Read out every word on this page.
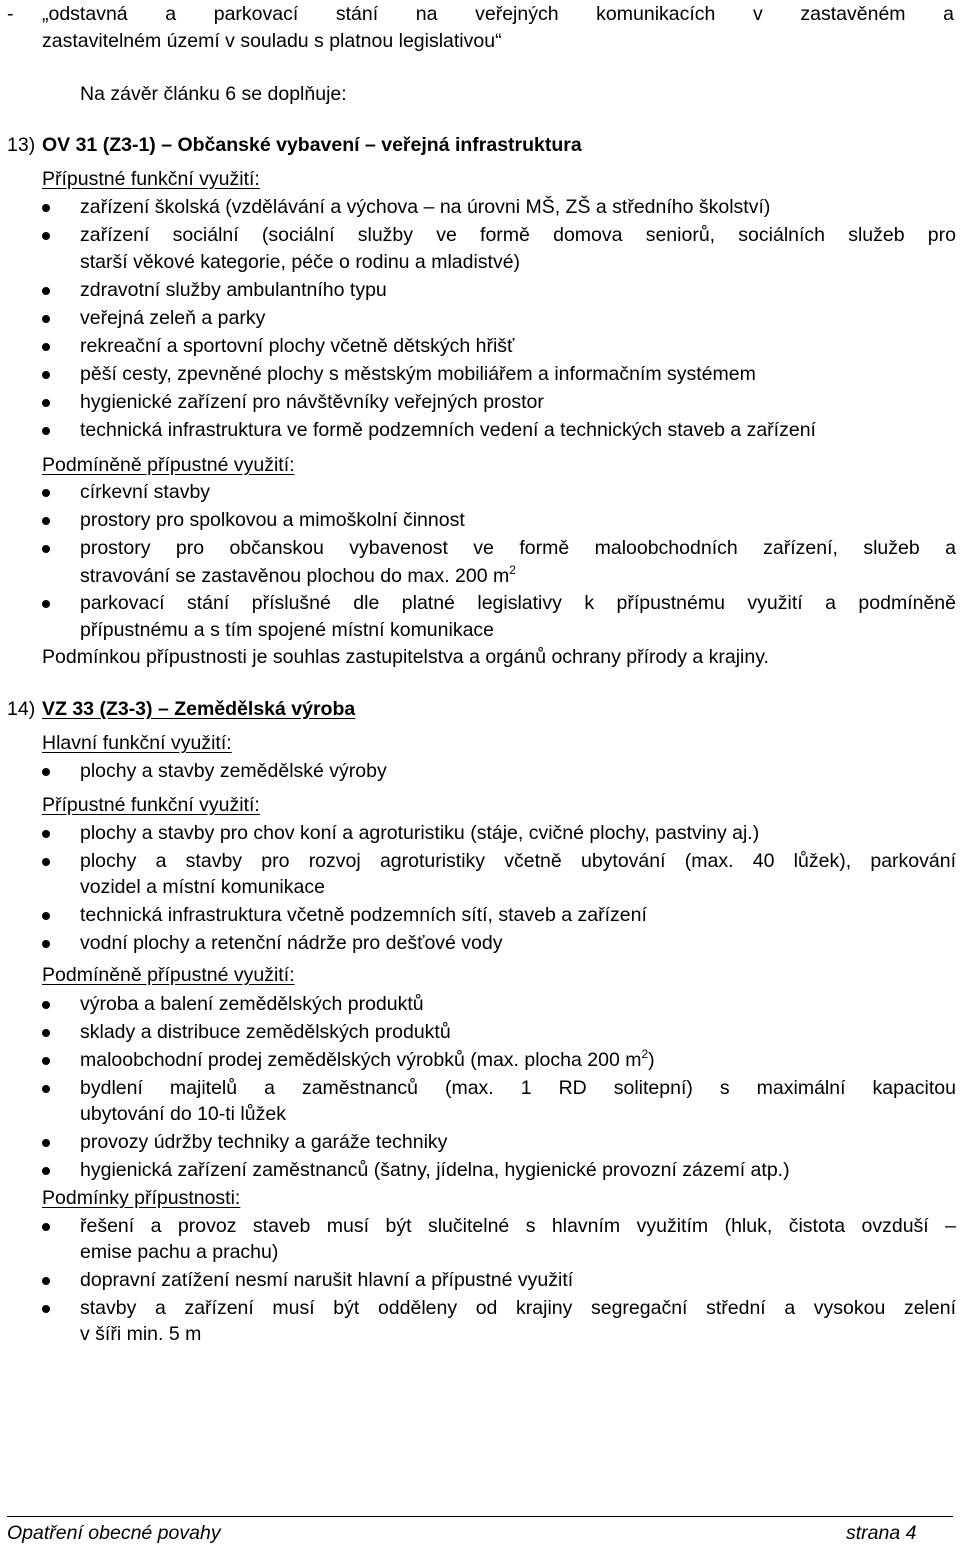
- „odstavná a parkovací stání na veřejných komunikacích v zastavěném a
zastavitelném území v souladu s platnou legislativou“
Na závěr článku 6 se doplňuje:
13) OV 31 (Z3-1) – Občanské vybavení – veřejná infrastruktura
Přípustné funkční využití:
zařízení školská (vzdělávání a výchova – na úrovni MŠ, ZŠ a středního školství)
zařízení sociální (sociální služby ve formě domova seniorů, sociálních služeb pro
starší věkové kategorie, péče o rodinu a mladistvé)
zdravotní služby ambulantního typu
veřejná zeleň a parky
rekreační a sportovní plochy včetně dětských hřišť
pěší cesty, zpevněné plochy s městským mobiliářem a informačním systémem
hygienické zařízení pro návštěvníky veřejných prostor
technická infrastruktura ve formě podzemních vedení a technických staveb a zařízení
Podmíněně přípustné využití:
církevní stavby
prostory pro spolkovou a mimoškolní činnost
prostory pro občanskou vybavenost ve formě maloobchodních zařízení, služeb a
stravování se zastavěnou plochou do max. 200 $m^2$
parkovací stání příslušné dle platné legislativy k přípustnému využití a podmíněně
přípustnému a s tím spojené místní komunikace
Podmínkou přípustnosti je souhlas zastupitelstva a orgánů ochrany přírody a krajiny.
14) VZ 33 (Z3-3) – Zemědělská výroba
Hlavní funkční využití:
plochy a stavby zemědělské výroby
Přípustné funkční využití:
plochy a stavby pro chov koní a agroturistiku (stáje, cvičné plochy, pastviny aj.)
plochy a stavby pro rozvoj agroturistiky včetně ubytování (max. 40 lůžek), parkování
vozidel a místní komunikace
technická infrastruktura včetně podzemních sítí, staveb a zařízení
vodní plochy a retenční nádrže pro dešťové vody
Podmíněně přípustné využití:
výroba a balení zemědělských produktů
sklady a distribuce zemědělských produktů
maloobchodní prodej zemědělských výrobků (max. plocha 200 $m^2$)
bydlení majitelů a zaměstnanců (max. 1 RD solitерní) s maximální kapacitou
ubytování do 10-ti lůžek
provozy údržby techniky a garáže techniky
hygienická zařízení zaměstnanců (šatny, jídelna, hygienické provozní zázemí atp.)
Podmínky přípustnosti:
řešení a provoz staveb musí být slučitelné s hlavním využitím (hluk, čistota ovzduší –
emise pachu a prachu)
dopravní zatížení nesmí narušit hlavní a přípustné využití
stavby a zařízení musí být odděleny od krajiny segregační střední a vysokou zelení
v šíři min. 5 m
Opatření obecné povahy	strana 4
